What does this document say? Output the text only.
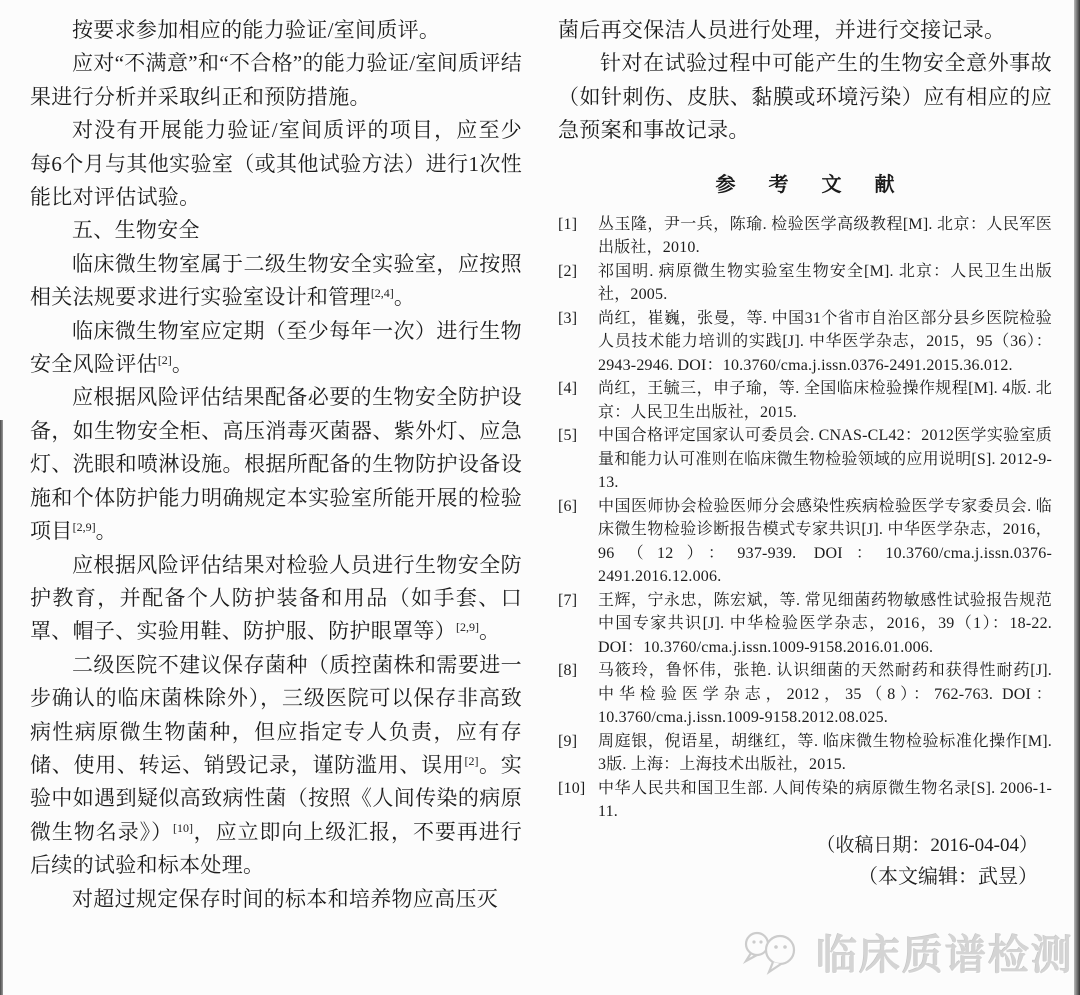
按要求参加相应的能力验证/室间质评。

应对“不满意”和“不合格”的能力验证/室间质评结果进行分析并采取纠正和预防措施。

对没有开展能力验证/室间质评的项目，应至少每6个月与其他实验室（或其他试验方法）进行1次性能比对评估试验。

五、生物安全

临床微生物室属于二级生物安全实验室，应按照相关法规要求进行实验室设计和管理[2,4]。

临床微生物室应定期（至少每年一次）进行生物安全风险评估[2]。

应根据风险评估结果配备必要的生物安全防护设备，如生物安全柜、高压消毒灭菌器、紫外灯、应急灯、洗眼和喷淋设施。根据所配备的生物防护设备设施和个体防护能力明确规定本实验室所能开展的检验项目[2,9]。

应根据风险评估结果对检验人员进行生物安全防护教育，并配备个人防护装备和用品（如手套、口罩、帽子、实验用鞋、防护服、防护眼罩等）[2,9]。

二级医院不建议保存菌种（质控菌株和需要进一步确认的临床菌株除外），三级医院可以保存非高致病性病原微生物菌种，但应指定专人负责，应有存储、使用、转运、销毁记录，谨防滥用、误用[2]。实验中如遇到疑似高致病性菌（按照《人间传染的病原微生物名录》）[10]，应立即向上级汇报，不要再进行后续的试验和标本处理。

对超过规定保存时间的标本和培养物应高压灭

菌后再交保洁人员进行处理，并进行交接记录。

针对在试验过程中可能产生的生物安全意外事故（如针刺伤、皮肤、黏膜或环境污染）应有相应的应急预案和事故记录。

参 考 文 献
[1]	丛玉隆，尹一兵，陈瑜. 检验医学高级教程[M]. 北京：人民军医出版社，2010.
[2]	祁国明. 病原微生物实验室生物安全[M]. 北京：人民卫生出版社，2005.
[3]	尚红，崔巍，张曼，等. 中国31个省市自治区部分县乡医院检验人员技术能力培训的实践[J]. 中华医学杂志，2015，95（36）：2943-2946. DOI：10.3760/cma.j.issn.0376-2491.2015.36.012.
[4]	尚红，王毓三，申子瑜，等. 全国临床检验操作规程[M]. 4版. 北京：人民卫生出版社，2015.
[5]	中国合格评定国家认可委员会. CNAS-CL42：2012医学实验室质量和能力认可准则在临床微生物检验领域的应用说明[S]. 2012-9-13.
[6]	中国医师协会检验医师分会感染性疾病检验医学专家委员会. 临床微生物检验诊断报告模式专家共识[J]. 中华医学杂志，2016，96（12）：937-939. DOI：10.3760/cma.j.issn.0376-2491.2016.12.006.
[7]	王辉，宁永忠，陈宏斌，等. 常见细菌药物敏感性试验报告规范中国专家共识[J]. 中华检验医学杂志，2016，39（1）：18-22. DOI：10.3760/cma.j.issn.1009-9158.2016.01.006.
[8]	马筱玲，鲁怀伟，张艳. 认识细菌的天然耐药和获得性耐药[J]. 中华检验医学杂志，2012，35（8）：762-763. DOI：10.3760/cma.j.issn.1009-9158.2012.08.025.
[9]	周庭银，倪语星，胡继红，等. 临床微生物检验标准化操作[M]. 3版. 上海：上海技术出版社，2015.
[10] 中华人民共和国卫生部. 人间传染的病原微生物名录[S]. 2006-1-11.
（收稿日期：2016-04-04）
（本文编辑：武昱）
临床质谱检测
